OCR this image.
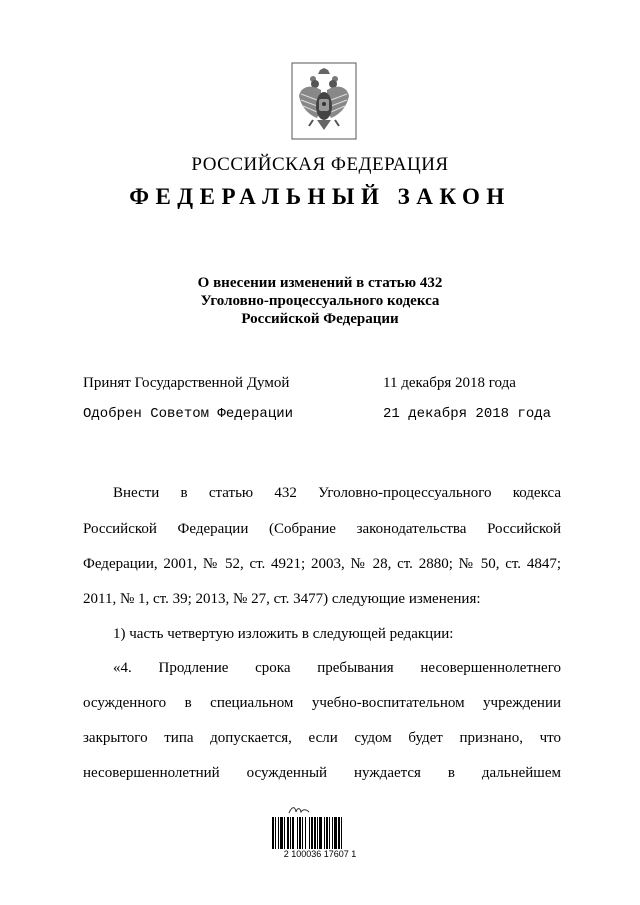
РОССИЙСКАЯ ФЕДЕРАЦИЯ
ФЕДЕРАЛЬНЫЙ ЗАКОН
О внесении изменений в статью 432
Уголовно-процессуального кодекса
Российской Федерации
Принят Государственной Думой	11 декабря 2018 года
Одобрен Советом Федерации	21 декабря 2018 года
Внести в статью 432 Уголовно-процессуального кодекса
Российской Федерации (Собрание законодательства Российской
Федерации, 2001, № 52, ст. 4921; 2003, № 28, ст. 2880; № 50, ст. 4847;
2011, № 1, ст. 39; 2013, № 27, ст. 3477) следующие изменения:
1) часть четвертую изложить в следующей редакции:
«4. Продление срока пребывания несовершеннолетнего
осужденного в специальном учебно-воспитательном учреждении
закрытого типа допускается, если судом будет признано, что
несовершеннолетний осужденный нуждается в дальнейшем
2 100036 17607 1
